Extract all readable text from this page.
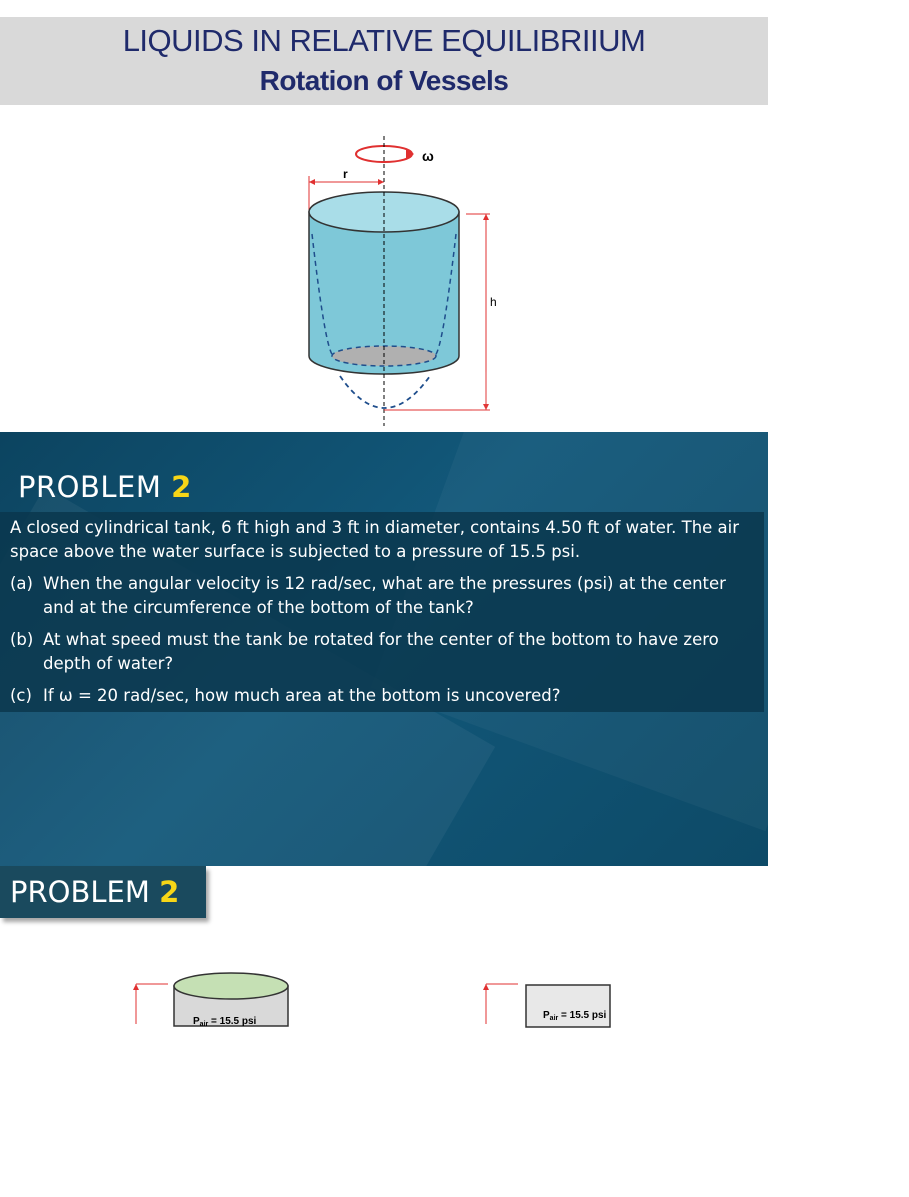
LIQUIDS IN RELATIVE EQUILIBRIIUM
Rotation of Vessels
ω
r
h
PROBLEM 2

A closed cylindrical tank, 6 ft high and 3 ft in diameter, contains 4.50 ft of water. The air space above the water surface is subjected to a pressure of 15.5 psi.

(a) When the angular velocity is 12 rad/sec, what are the pressures (psi) at the center and at the circumference of the bottom of the tank?
(b) At what speed must the tank be rotated for the center of the bottom to have zero depth of water?
(c) If ω = 20 rad/sec, how much area at the bottom is uncovered?
$P_{air} = 15.5$ psi
$P_{air} = 15.5$ psi
PROBLEM 2
